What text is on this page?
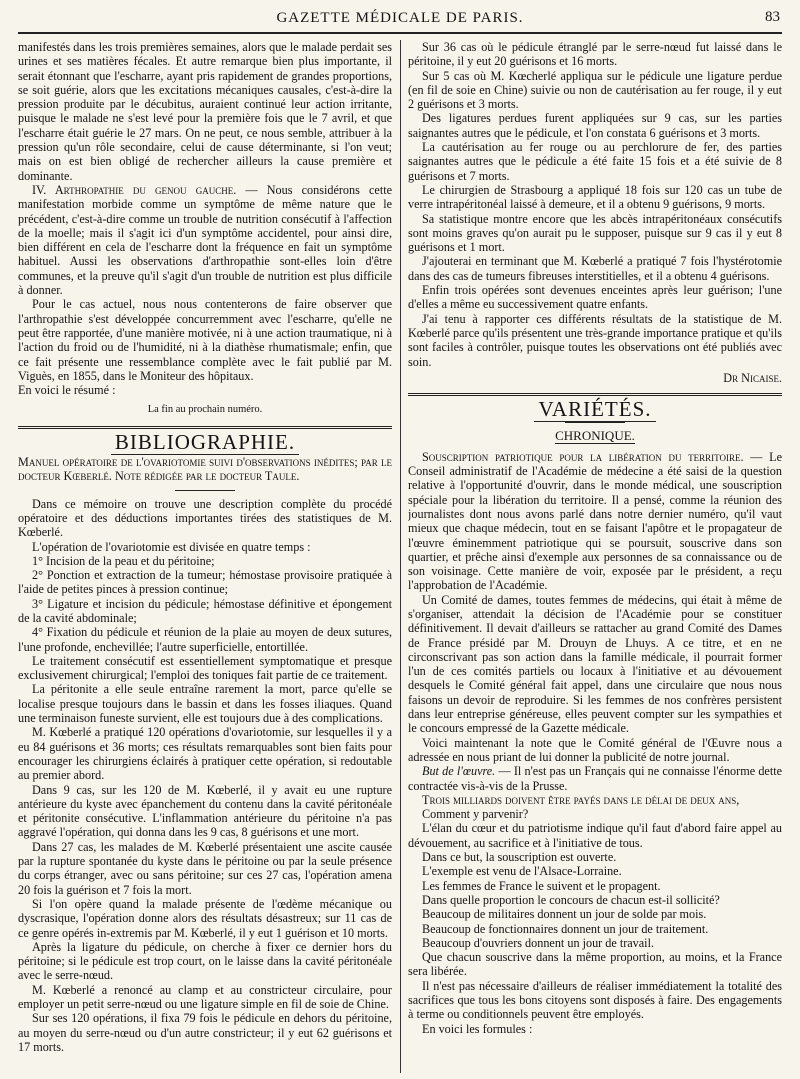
GAZETTE MÉDICALE DE PARIS.	83

manifestés dans les trois premières semaines, alors que le malade perdait ses urines et ses matières fécales. Et autre remarque bien plus importante, il serait étonnant que l'escharre, ayant pris rapidement de grandes proportions, se soit guérie, alors que les excitations mécaniques causales, c'est-à-dire la pression produite par le décubitus, auraient continué leur action irritante, puisque le malade ne s'est levé pour la première fois que le 7 avril, et que l'escharre était guérie le 27 mars. On ne peut, ce nous semble, attribuer à la pression qu'un rôle secondaire, celui de cause déterminante, si l'on veut; mais on est bien obligé de rechercher ailleurs la cause première et dominante.

IV. Arthropathie du genou gauche. — Nous considérons cette manifestation morbide comme un symptôme de même nature que le précédent, c'est-à-dire comme un trouble de nutrition consécutif à l'affection de la moelle; mais il s'agit ici d'un symptôme accidentel, pour ainsi dire, bien différent en cela de l'escharre dont la fréquence en fait un symptôme habituel. Aussi les observations d'arthropathie sont-elles loin d'être communes, et la preuve qu'il s'agit d'un trouble de nutrition est plus difficile à donner.

Pour le cas actuel, nous nous contenterons de faire observer que l'arthropathie s'est développée concurremment avec l'escharre, qu'elle ne peut être rapportée, d'une manière motivée, ni à une action traumatique, ni à l'action du froid ou de l'humidité, ni à la diathèse rhumatismale; enfin, que ce fait présente une ressemblance complète avec le fait publié par M. Viguès, en 1855, dans le Moniteur des hôpitaux.

En voici le résumé :

La fin au prochain numéro.

BIBLIOGRAPHIE.

Manuel opératoire de l'ovariotomie suivi d'observations inédites; par le docteur Kœberlé. Note rédigée par le docteur Taule.

Dans ce mémoire on trouve une description complète du procédé opératoire et des déductions importantes tirées des statistiques de M. Kœberlé.

L'opération de l'ovariotomie est divisée en quatre temps :

1° Incision de la peau et du péritoine;

2° Ponction et extraction de la tumeur; hémostase provisoire pratiquée à l'aide de petites pinces à pression continue;

3° Ligature et incision du pédicule; hémostase définitive et épongement de la cavité abdominale;

4° Fixation du pédicule et réunion de la plaie au moyen de deux sutures, l'une profonde, enchevillée; l'autre superficielle, entortillée.

Le traitement consécutif est essentiellement symptomatique et presque exclusivement chirurgical; l'emploi des toniques fait partie de ce traitement.

La péritonite a elle seule entraîne rarement la mort, parce qu'elle se localise presque toujours dans le bassin et dans les fosses iliaques. Quand une terminaison funeste survient, elle est toujours due à des complications.

M. Kœberlé a pratiqué 120 opérations d'ovariotomie, sur lesquelles il y a eu 84 guérisons et 36 morts; ces résultats remarquables sont bien faits pour encourager les chirurgiens éclairés à pratiquer cette opération, si redoutable au premier abord.

Dans 9 cas, sur les 120 de M. Kœberlé, il y avait eu une rupture antérieure du kyste avec épanchement du contenu dans la cavité péritonéale et péritonite consécutive. L'inflammation antérieure du péritoine n'a pas aggravé l'opération, qui donna dans les 9 cas, 8 guérisons et une mort.

Dans 27 cas, les malades de M. Kœberlé présentaient une ascite causée par la rupture spontanée du kyste dans le péritoine ou par la seule présence du corps étranger, avec ou sans péritoine; sur ces 27 cas, l'opération amena 20 fois la guérison et 7 fois la mort.

Si l'on opère quand la malade présente de l'œdème mécanique ou dyscrasique, l'opération donne alors des résultats désastreux; sur 11 cas de ce genre opérés in-extremis par M. Kœberlé, il y eut 1 guérison et 10 morts.

Après la ligature du pédicule, on cherche à fixer ce dernier hors du péritoine; si le pédicule est trop court, on le laisse dans la cavité péritonéale avec le serre-nœud.

M. Kœberlé a renoncé au clamp et au constricteur circulaire, pour employer un petit serre-nœud ou une ligature simple en fil de soie de Chine.

Sur ses 120 opérations, il fixa 79 fois le pédicule en dehors du péritoine, au moyen du serre-nœud ou d'un autre constricteur; il y eut 62 guérisons et 17 morts.

Sur 36 cas où le pédicule étranglé par le serre-nœud fut laissé dans le péritoine, il y eut 20 guérisons et 16 morts.

Sur 5 cas où M. Kœcherlé appliqua sur le pédicule une ligature perdue (en fil de soie en Chine) suivie ou non de cautérisation au fer rouge, il y eut 2 guérisons et 3 morts.

Des ligatures perdues furent appliquées sur 9 cas, sur les parties saignantes autres que le pédicule, et l'on constata 6 guérisons et 3 morts.

La cautérisation au fer rouge ou au perchlorure de fer, des parties saignantes autres que le pédicule a été faite 15 fois et a été suivie de 8 guérisons et 7 morts.

Le chirurgien de Strasbourg a appliqué 18 fois sur 120 cas un tube de verre intrapéritonéal laissé à demeure, et il a obtenu 9 guérisons, 9 morts.

Sa statistique montre encore que les abcès intrapéritonéaux consécutifs sont moins graves qu'on aurait pu le supposer, puisque sur 9 cas il y eut 8 guérisons et 1 mort.

J'ajouterai en terminant que M. Kœberlé a pratiqué 7 fois l'hystérotomie dans des cas de tumeurs fibreuses interstitielles, et il a obtenu 4 guérisons.

Enfin trois opérées sont devenues enceintes après leur guérison; l'une d'elles a même eu successivement quatre enfants.

J'ai tenu à rapporter ces différents résultats de la statistique de M. Kœberlé parce qu'ils présentent une très-grande importance pratique et qu'ils sont faciles à contrôler, puisque toutes les observations ont été publiés avec soin.

Dr Nicaise.

VARIÉTÉS.
CHRONIQUE.

Souscription patriotique pour la libération du territoire. — Le Conseil administratif de l'Académie de médecine a été saisi de la question relative à l'opportunité d'ouvrir, dans le monde médical, une souscription spéciale pour la libération du territoire. Il a pensé, comme la réunion des journalistes dont nous avons parlé dans notre dernier numéro, qu'il vaut mieux que chaque médecin, tout en se faisant l'apôtre et le propagateur de l'œuvre éminemment patriotique qui se poursuit, souscrive dans son quartier, et prêche ainsi d'exemple aux personnes de sa connaissance ou de son voisinage. Cette manière de voir, exposée par le président, a reçu l'approbation de l'Académie.

Un Comité de dames, toutes femmes de médecins, qui était à même de s'organiser, attendait la décision de l'Académie pour se constituer définitivement. Il devait d'ailleurs se rattacher au grand Comité des Dames de France présidé par M. Drouyn de Lhuys. A ce titre, et en ne circonscrivant pas son action dans la famille médicale, il pourrait former l'un de ces comités partiels ou locaux à l'initiative et au dévouement desquels le Comité général fait appel, dans une circulaire que nous nous faisons un devoir de reproduire. Si les femmes de nos confrères persistent dans leur entreprise généreuse, elles peuvent compter sur les sympathies et le concours empressé de la Gazette médicale.

Voici maintenant la note que le Comité général de l'Œuvre nous a adressée en nous priant de lui donner la publicité de notre journal.

But de l'œuvre. — Il n'est pas un Français qui ne connaisse l'énorme dette contractée vis-à-vis de la Prusse.

Trois milliards doivent être payés dans le délai de deux ans,

Comment y parvenir?

L'élan du cœur et du patriotisme indique qu'il faut d'abord faire appel au dévouement, au sacrifice et à l'initiative de tous.

Dans ce but, la souscription est ouverte.

L'exemple est venu de l'Alsace-Lorraine.

Les femmes de France le suivent et le propagent.

Dans quelle proportion le concours de chacun est-il sollicité?

Beaucoup de militaires donnent un jour de solde par mois.

Beaucoup de fonctionnaires donnent un jour de traitement.

Beaucoup d'ouvriers donnent un jour de travail.

Que chacun souscrive dans la même proportion, au moins, et la France sera libérée.

Il n'est pas nécessaire d'ailleurs de réaliser immédiatement la totalité des sacrifices que tous les bons citoyens sont disposés à faire. Des engagements à terme ou conditionnels peuvent être employés.

En voici les formules :
